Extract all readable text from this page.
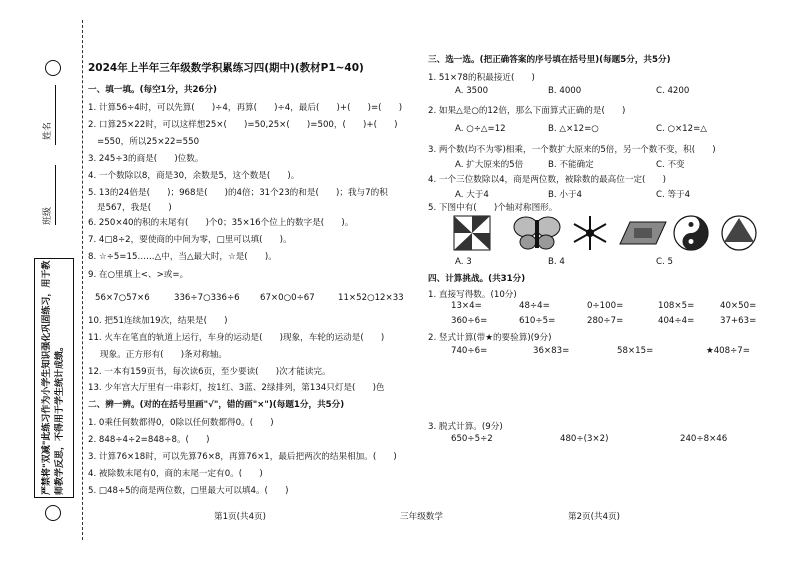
姓名
班级
严禁将"双减"此练习作为小学生知识强化巩固练习，用于教师教学反思，不得用于学生统计成绩。
2024年上半年三年级数学积累练习四(期中)(教材P1~40)
一、填一填。(每空1分，共26分)
1. 计算56÷4时，可以先算(　　)÷4，再算(　　)÷4，最后(　　)+(　　)=(　　)
2. 口算25×22时，可以这样想25×(　　)=50,25×(　　)=500，(　　)+(　　)
=550，所以25×22=550
3. 245÷3的商是(　　)位数。
4. 一个数除以8，商是30，余数是5，这个数是(　　)。
5. 13的24倍是(　　)；968是(　　)的4倍；31个23的和是(　　)；我与7的积
是567，我是(　　)
6. 250×40的积的末尾有(　　)个0；35×16个位上的数字是(　　)。
7. 4□8÷2，要使商的中间为零，□里可以填(　　)。
8. ☆÷5=15……△中，当△最大时，☆是(　　)。
9. 在○里填上<、>或=。
56×7○57×6	336÷7○336÷6 67×0○0÷67	11×52○12×33
10. 把51连续加19次，结果是(　　)
11. 火车在笔直的轨道上运行，车身的运动是(　　)现象，车轮的运动是(　　)
现象。正方形有(　　)条对称轴。
12. 一本有159页书，每次读6页，至少要读(　　)次才能读完。
13. 少年宫大厅里有一串彩灯，按1红、3蓝、2绿排列，第134只灯是(　　)色
二、辨一辨。(对的在括号里画"√"，错的画"×")(每题1分，共5分)
1. 0乘任何数都得0，0除以任何数都得0。(　　)
2. 848÷4÷2=848÷8。(　　)
3. 计算76×18时，可以先算76×8，再算76×1，最后把两次的结果相加。(　　)
4. 被除数末尾有0，商的末尾一定有0。(　　)
5. □48÷5的商是两位数，□里最大可以填4。(　　)
第1页(共4页)	三年级数学	第2页(共4页)
三、选一选。(把正确答案的序号填在括号里)(每题5分，共5分)
1. 51×78的积最接近(　　)
A. 3500	B. 4000	C. 4200
2. 如果△是○的12倍，那么下面算式正确的是(　　)
A. ○÷△=12	B. △×12=○	C. ○×12=△
3. 两个数(均不为零)相乘，一个数扩大原来的5倍，另一个数不变，积(　　)
A. 扩大原来的5倍	B. 不能确定	C. 不变
4. 一个三位数除以4，商是两位数，被除数的最高位一定(　　)
A. 大于4	B. 小于4	C. 等于4
5. 下图中有(　　)个轴对称图形。
A. 3	B. 4	C. 5
四、计算挑战。(共31分)
1. 直接写得数。(10分)
13×4=	48÷4=	0÷100=	108×5=	40×50=
360÷6=	610÷5=	280÷7=	404÷4=	37+63=
2. 竖式计算(带★的要验算)(9分)
740÷6=	36×83=	58×15=	★408÷7=
3. 脱式计算。(9分)
650÷5÷2	480÷(3×2)	240÷8×46
